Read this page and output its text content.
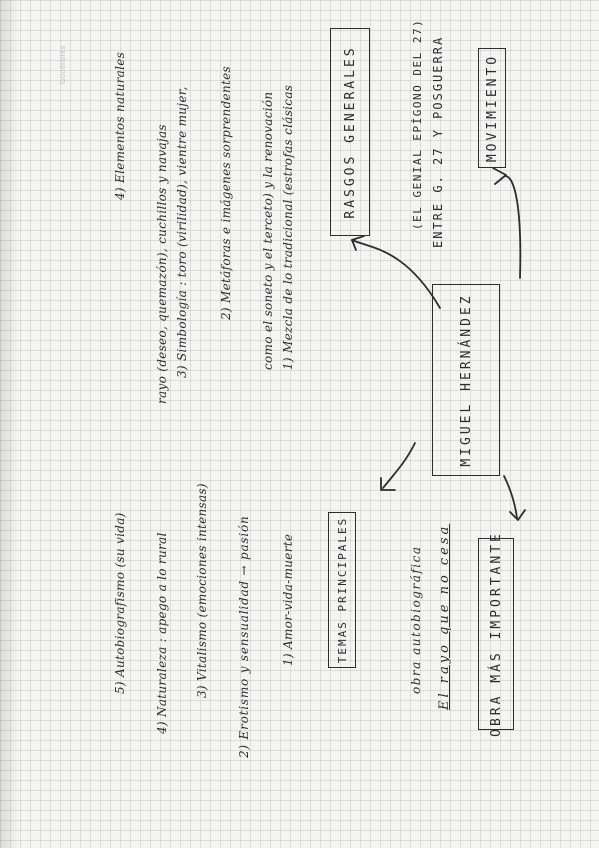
MIGUEL HERNÁNDEZ
MOVIMIENTO
ENTRE G. 27 Y POSGUERRA
(EL GENIAL EPÍGONO DEL 27)
RASGOS GENERALES
1) Mezcla de lo tradicional (estrofas clásicas
como el soneto y el terceto) y la renovación
2) Metáforas e imágenes sorprendentes
3) Simbología : toro (virilidad), vientre mujer,
rayo (deseo, quemazón), cuchillos y navajas
4) Elementos naturales
OBRA MÁS IMPORTANTE
El rayo que no cesa
obra autobiográfica
TEMAS PRINCIPALES
1) Amor-vida-muerte
2) Erotismo y sensualidad → pasión
3) Vitalismo (emociones intensas)
4) Naturaleza : apego a lo rural
5) Autobiografismo (su vida)
Goodnotes
